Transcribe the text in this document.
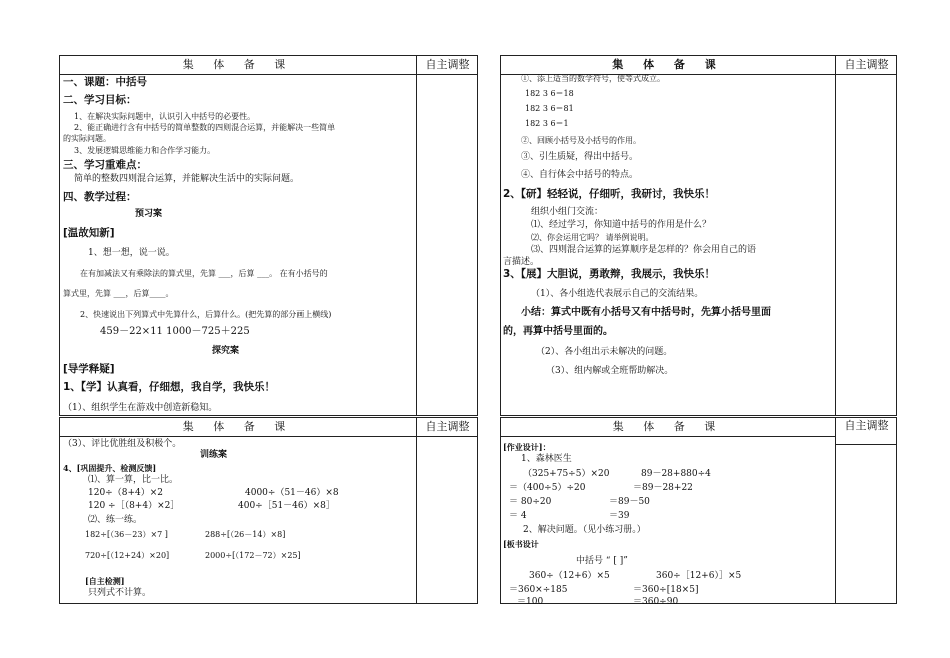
集 体 备 课	自主调整
一、课题：中括号
二、学习目标：
1、在解决实际问题中，认识引入中括号的必要性。
2、能正确进行含有中括号的简单整数的四则混合运算，并能解决一些简单
的实际问题。
3、发展逻辑思维能力和合作学习能力。
三、学习重难点：
简单的整数四则混合运算，并能解决生活中的实际问题。
四、教学过程：
预习案
[温故知新]
1、想一想，说一说。
在有加减法又有乘除法的算式里，先算 ___，后算 ___。 在有小括号的
算式里，先算 ___，后算____。
2、快速说出下列算式中先算什么，后算什么。(把先算的部分画上横线)
459－22×11 1000－725＋225
探究案
[导学释疑]
1、【学】认真看，仔细想，我自学，我快乐！
（1）、组织学生在游戏中创造新稳知。
集 体 备 课	自主调整
①、添上适当的数学符号，使等式成立。
182 3 6＝18
182 3 6＝81
182 3 6＝1
②、回顾小括号及小括号的作用。
③、引生质疑，得出中括号。
④、自行体会中括号的特点。
2、【研】轻轻说，仔细听，我研讨，我快乐！
组织小组门交流：
⑴、经过学习，你知道中括号的作用是什么？
⑵、你会运用它吗？ 请举例说明。
⑶、四则混合运算的运算顺序是怎样的？你会用自己的语
言描述。
3、【展】大胆说，勇敢辩，我展示，我快乐！
（1）、各小组选代表展示自己的交流结果。
小结：算式中既有小括号又有中括号时，先算小括号里面
的，再算中括号里面的。
（2）、各小组出示未解决的问题。
（3）、组内解或全班帮助解决。
集 体 备 课	自主调整
（3）、评比优胜组及积极个。
训练案
4、[巩固提升、检测反馈]
⑴、算一算，比一比。
120÷（8+4）×2	4000÷（51－46）×8
120 ÷［（8+4）×2］	400÷［51－46）×8］
⑵、练一练。
182÷[（36－23）×7 ]	288÷[（26－14）×8]
720÷[（12+24）×20]	2000÷[（172－72）×25]
[自主检测]
只列式不计算。
集 体 备 课	自主调整
[作业设计]：
1、森林医生
（325+75÷5）×20	89－28+880÷4
＝（400÷5）÷20	＝89－28+22
＝ 80÷20	＝89－50
＝ 4	＝39
2、解决问题。（见小练习册。）
[板书设计
中括号 “ [ ]”
360÷（12+6）×5	360÷［12+6）］×5
＝360×÷185	＝360÷[18×5]
＝100	＝360÷90
